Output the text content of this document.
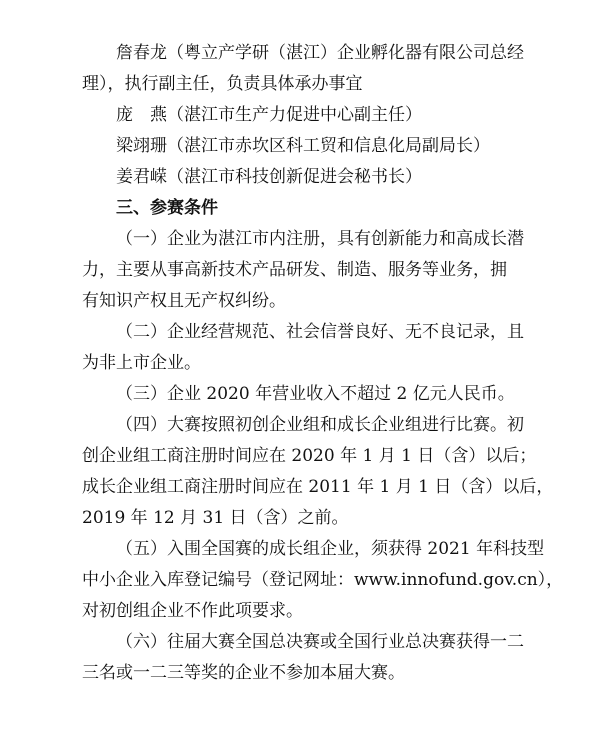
詹春龙（粤立产学研（湛江）企业孵化器有限公司总经
理），执行副主任，负责具体承办事宜
庞　燕（湛江市生产力促进中心副主任）
梁翊珊（湛江市赤坎区科工贸和信息化局副局长）
姜君嵘（湛江市科技创新促进会秘书长）
三、参赛条件
（一）企业为湛江市内注册，具有创新能力和高成长潜
力，主要从事高新技术产品研发、制造、服务等业务，拥
有知识产权且无产权纠纷。
（二）企业经营规范、社会信誉良好、无不良记录，且
为非上市企业。
（三）企业 2020 年营业收入不超过 2 亿元人民币。
（四）大赛按照初创企业组和成长企业组进行比赛。初
创企业组工商注册时间应在 2020 年 1 月 1 日（含）以后；
成长企业组工商注册时间应在 2011 年 1 月 1 日（含）以后，
2019 年 12 月 31 日（含）之前。
（五）入围全国赛的成长组企业，须获得 2021 年科技型
中小企业入库登记编号（登记网址：www.innofund.gov.cn），
对初创组企业不作此项要求。
（六）往届大赛全国总决赛或全国行业总决赛获得一二
三名或一二三等奖的企业不参加本届大赛。
